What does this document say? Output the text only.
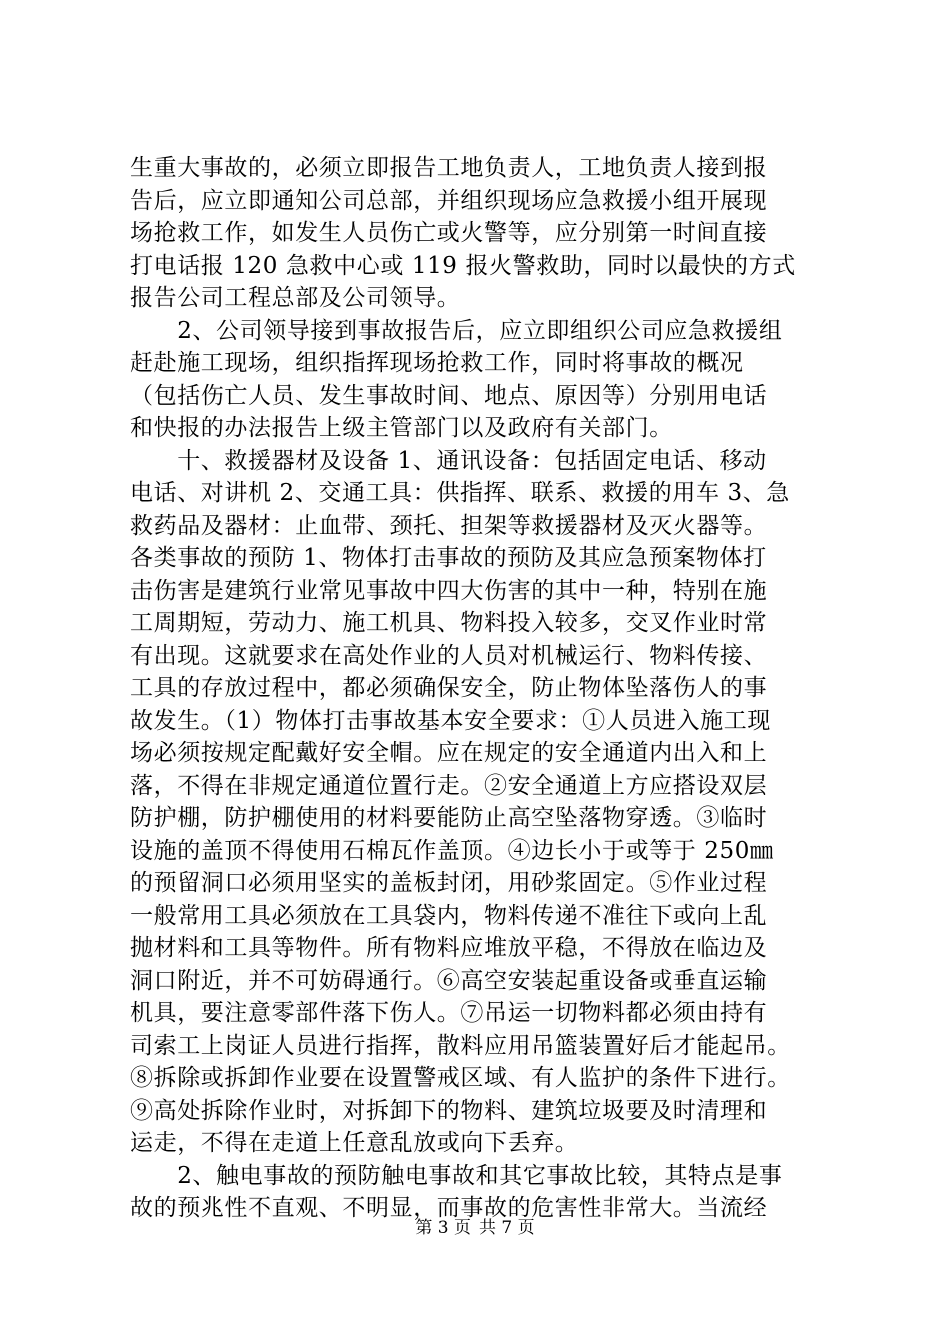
生重大事故的，必须立即报告工地负责人，工地负责人接到报
告后，应立即通知公司总部，并组织现场应急救援小组开展现
场抢救工作，如发生人员伤亡或火警等，应分别第一时间直接
打电话报 120 急救中心或 119 报火警救助，同时以最快的方式
报告公司工程总部及公司领导。
　　2、公司领导接到事故报告后，应立即组织公司应急救援组
赶赴施工现场，组织指挥现场抢救工作，同时将事故的概况
（包括伤亡人员、发生事故时间、地点、原因等）分别用电话
和快报的办法报告上级主管部门以及政府有关部门。
　　十、救援器材及设备 1、通讯设备：包括固定电话、移动
电话、对讲机 2、交通工具：供指挥、联系、救援的用车 3、急
救药品及器材：止血带、颈托、担架等救援器材及灭火器等。
各类事故的预防 1、物体打击事故的预防及其应急预案物体打
击伤害是建筑行业常见事故中四大伤害的其中一种，特别在施
工周期短，劳动力、施工机具、物料投入较多，交叉作业时常
有出现。这就要求在高处作业的人员对机械运行、物料传接、
工具的存放过程中，都必须确保安全，防止物体坠落伤人的事
故发生。（1）物体打击事故基本安全要求：①人员进入施工现
场必须按规定配戴好安全帽。应在规定的安全通道内出入和上
落，不得在非规定通道位置行走。②安全通道上方应搭设双层
防护棚，防护棚使用的材料要能防止高空坠落物穿透。③临时
设施的盖顶不得使用石棉瓦作盖顶。④边长小于或等于 250㎜
的预留洞口必须用坚实的盖板封闭，用砂浆固定。⑤作业过程
一般常用工具必须放在工具袋内，物料传递不准往下或向上乱
抛材料和工具等物件。所有物料应堆放平稳，不得放在临边及
洞口附近，并不可妨碍通行。⑥高空安装起重设备或垂直运输
机具，要注意零部件落下伤人。⑦吊运一切物料都必须由持有
司索工上岗证人员进行指挥，散料应用吊篮装置好后才能起吊。
⑧拆除或拆卸作业要在设置警戒区域、有人监护的条件下进行。
⑨高处拆除作业时，对拆卸下的物料、建筑垃圾要及时清理和
运走，不得在走道上任意乱放或向下丢弃。
　　2、触电事故的预防触电事故和其它事故比较，其特点是事
故的预兆性不直观、不明显，而事故的危害性非常大。当流经
第 3 页 共 7 页
